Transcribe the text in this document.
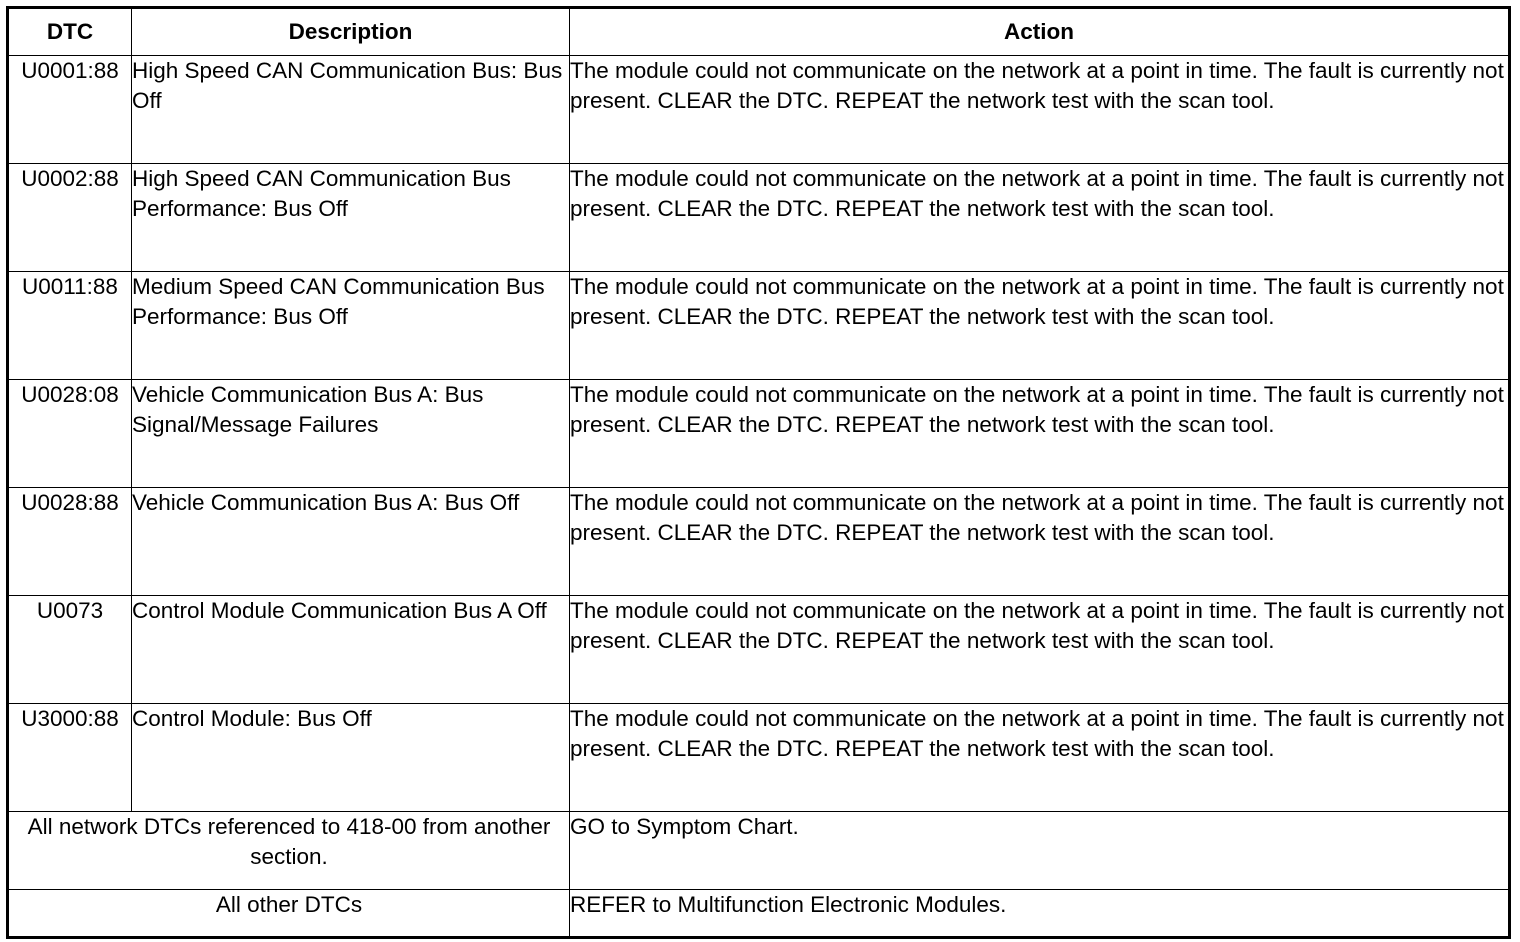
DTC	Description	Action
U0001:88	High Speed CAN Communication Bus: Bus Off	The module could not communicate on the network at a point in time. The fault is currently not present. CLEAR the DTC. REPEAT the network test with the scan tool.
U0002:88	High Speed CAN Communication Bus Performance: Bus Off	The module could not communicate on the network at a point in time. The fault is currently not present. CLEAR the DTC. REPEAT the network test with the scan tool.
U0011:88	Medium Speed CAN Communication Bus Performance: Bus Off	The module could not communicate on the network at a point in time. The fault is currently not present. CLEAR the DTC. REPEAT the network test with the scan tool.
U0028:08	Vehicle Communication Bus A: Bus Signal/Message Failures	The module could not communicate on the network at a point in time. The fault is currently not present. CLEAR the DTC. REPEAT the network test with the scan tool.
U0028:88	Vehicle Communication Bus A: Bus Off	The module could not communicate on the network at a point in time. The fault is currently not present. CLEAR the DTC. REPEAT the network test with the scan tool.
U0073	Control Module Communication Bus A Off	The module could not communicate on the network at a point in time. The fault is currently not present. CLEAR the DTC. REPEAT the network test with the scan tool.
U3000:88	Control Module: Bus Off	The module could not communicate on the network at a point in time. The fault is currently not present. CLEAR the DTC. REPEAT the network test with the scan tool.
All network DTCs referenced to 418-00 from another section.		GO to Symptom Chart.
All other DTCs		REFER to Multifunction Electronic Modules.
